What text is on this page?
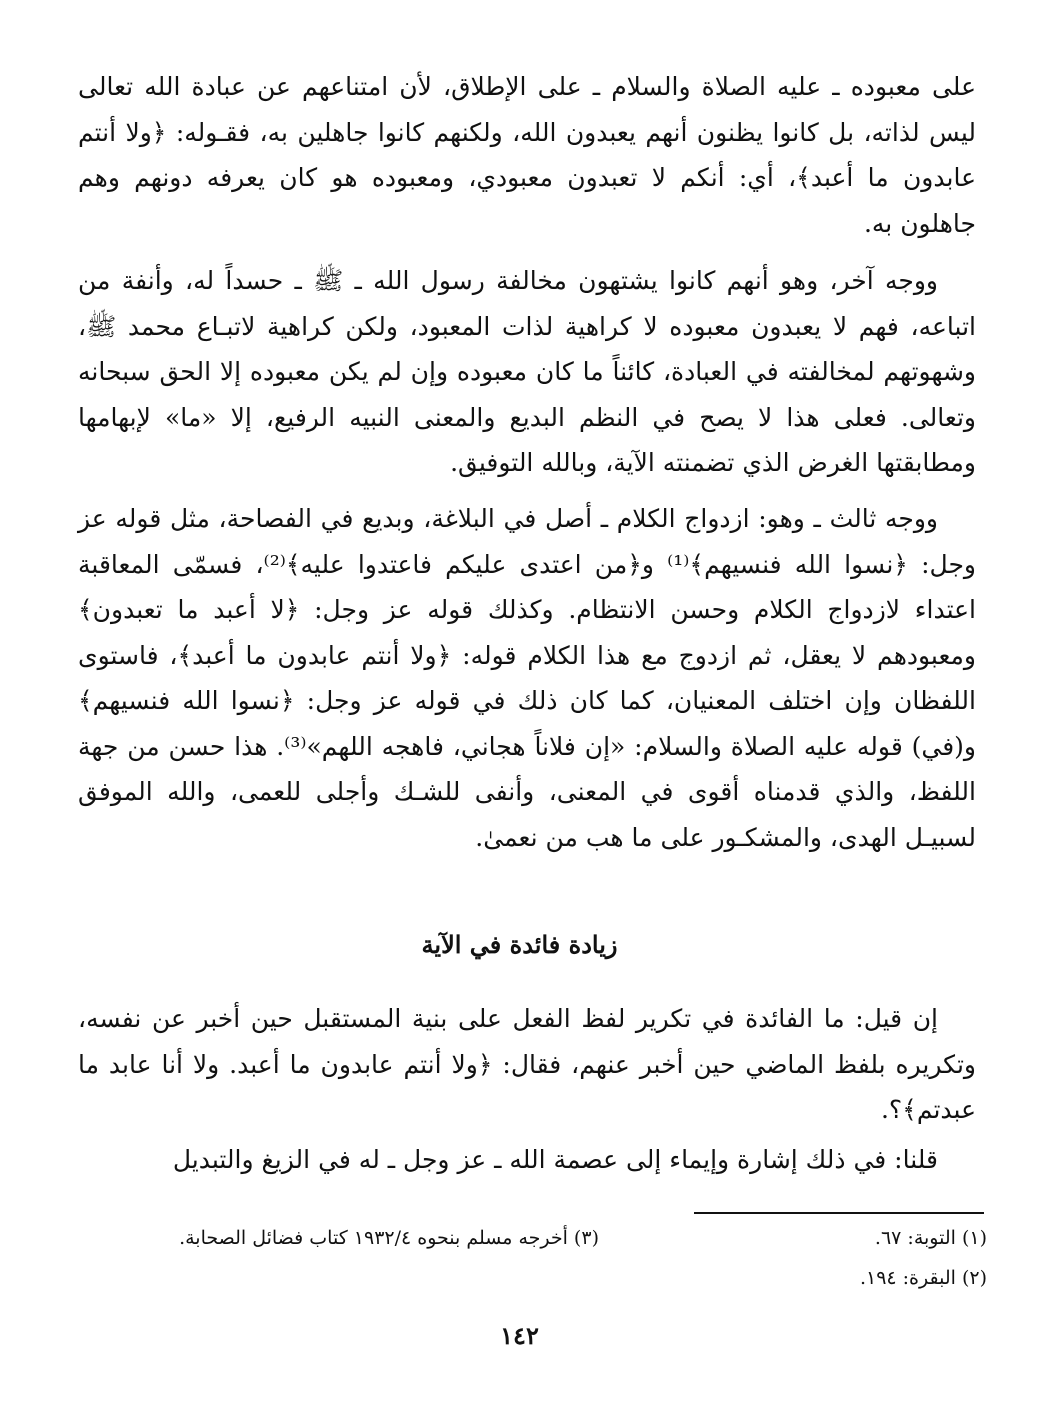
على معبوده ـ عليه الصلاة والسلام ـ على الإطلاق، لأن امتناعهم عن عبادة الله تعالى ليس لذاته، بل كانوا يظنون أنهم يعبدون الله، ولكنهم كانوا جاهلين به، فقـوله: ﴿ولا أنتم عابدون ما أعبد﴾، أي: أنكم لا تعبدون معبودي، ومعبوده هو كان يعرفه دونهم وهم جاهلون به.
ووجه آخر، وهو أنهم كانوا يشتهون مخالفة رسول الله ـ ﷺ ـ حسداً له، وأنفة من اتباعه، فهم لا يعبدون معبوده لا كراهية لذات المعبود، ولكن كراهية لاتبـاع محمد ﷺ، وشهوتهم لمخالفته في العبادة، كائناً ما كان معبوده وإن لم يكن معبوده إلا الحق سبحانه وتعالى. فعلى هذا لا يصح في النظم البديع والمعنى النبيه الرفيع، إلا «ما» لإبهامها ومطابقتها الغرض الذي تضمنته الآية، وبالله التوفيق.
ووجه ثالث ـ وهو: ازدواج الكلام ـ أصل في البلاغة، وبديع في الفصاحة، مثل قوله عز وجل: ﴿نسوا الله فنسيهم﴾⁽¹⁾ و﴿من اعتدى عليكم فاعتدوا عليه﴾⁽²⁾، فسمّى المعاقبة اعتداء لازدواج الكلام وحسن الانتظام. وكذلك قوله عز وجل: ﴿لا أعبد ما تعبدون﴾ ومعبودهم لا يعقل، ثم ازدوج مع هذا الكلام قوله: ﴿ولا أنتم عابدون ما أعبد﴾، فاستوى اللفظان وإن اختلف المعنيان، كما كان ذلك في قوله عز وجل: ﴿نسوا الله فنسيهم﴾ و(في) قوله عليه الصلاة والسلام: «إن فلاناً هجاني، فاهجه اللهم»⁽³⁾. هذا حسن من جهة اللفظ، والذي قدمناه أقوى في المعنى، وأنفى للشـك وأجلى للعمى، والله الموفق لسبيـل الهدى، والمشكـور على ما هب من نعمىٰ.
زيادة فائدة في الآية
إن قيل: ما الفائدة في تكرير لفظ الفعل على بنية المستقبل حين أخبر عن نفسه، وتكريره بلفظ الماضي حين أخبر عنهم، فقال: ﴿ولا أنتم عابدون ما أعبد. ولا أنا عابد ما عبدتم﴾؟.
قلنا: في ذلك إشارة وإيماء إلى عصمة الله ـ عز وجل ـ له في الزيغ والتبديل
(١) التوبة: ٦٧.
(٢) البقرة: ١٩٤.
(٣) أخرجه مسلم بنحوه ١٩٣٢/٤ كتاب فضائل الصحابة.
١٤٢
